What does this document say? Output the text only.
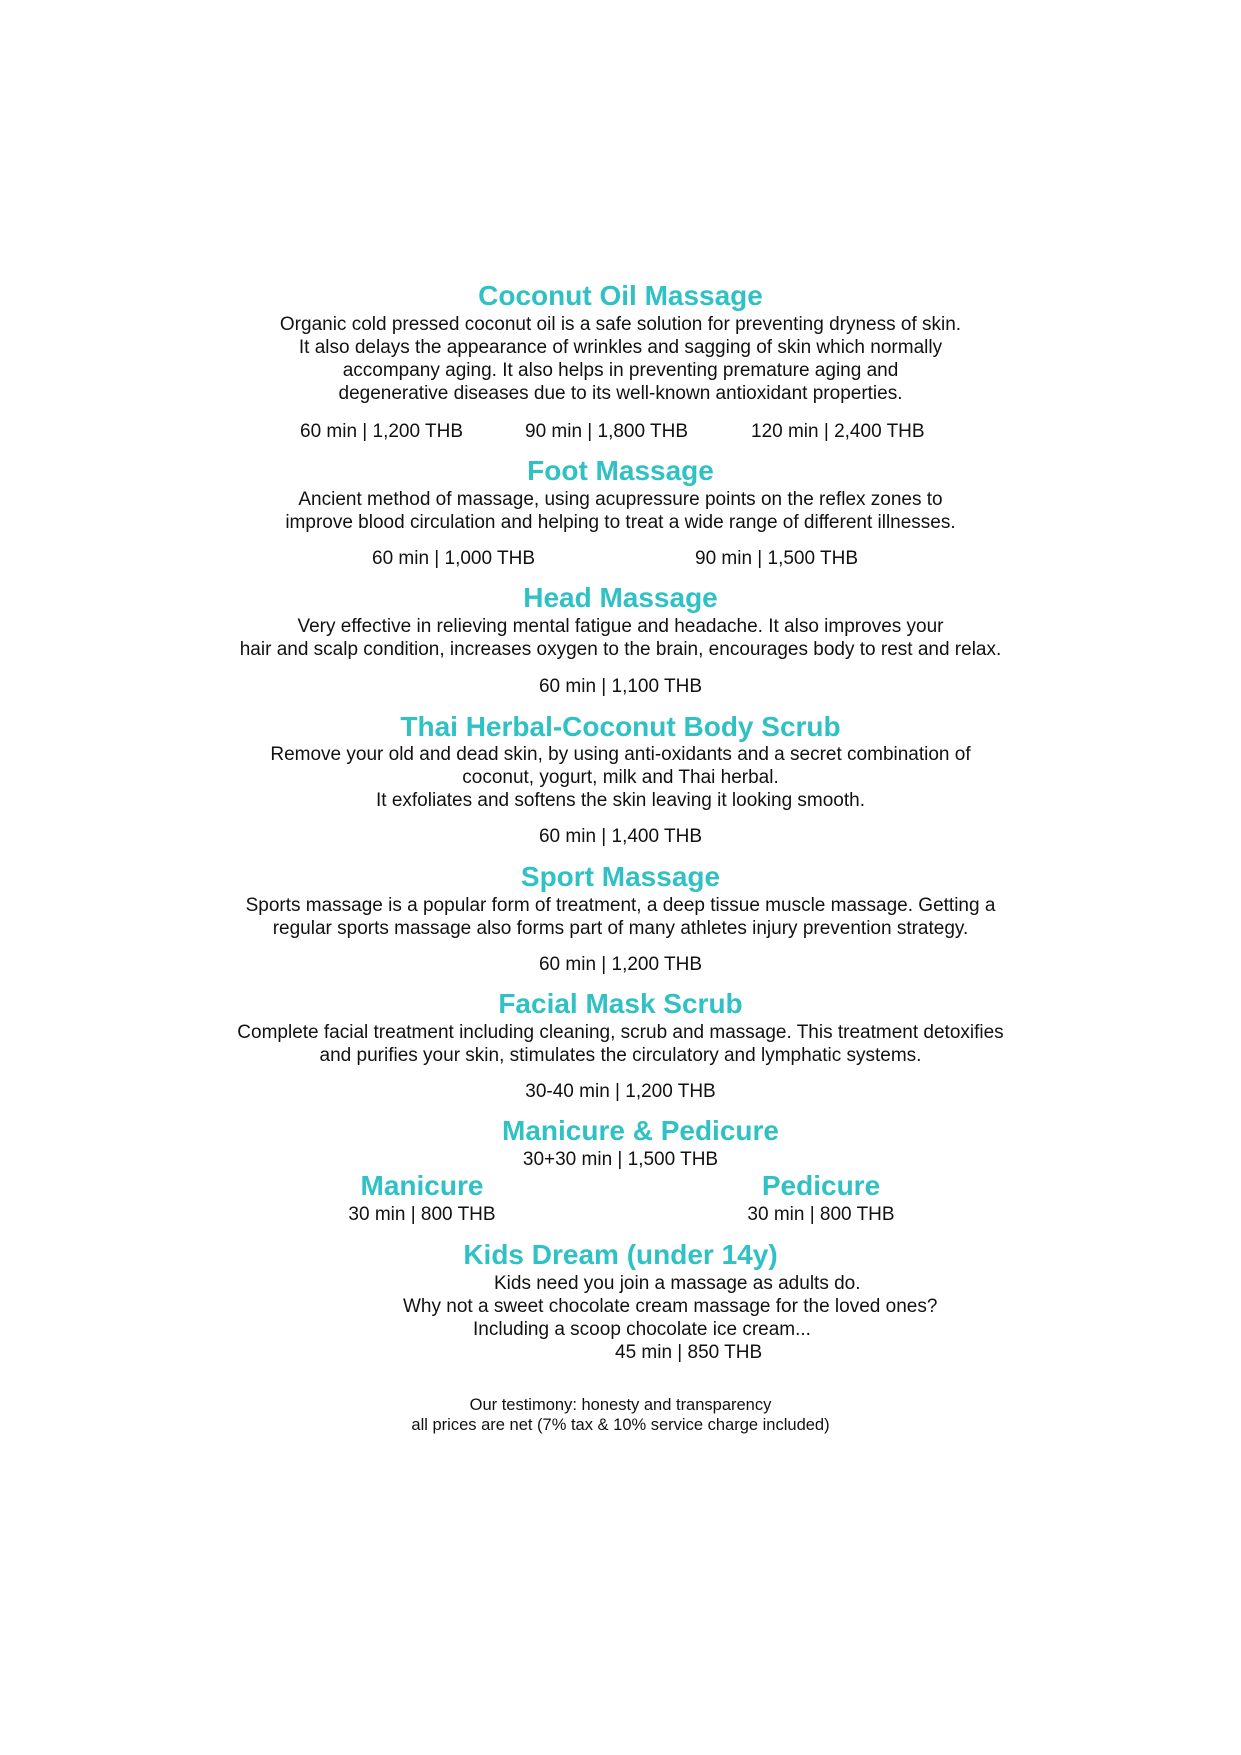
Coconut Oil Massage
Organic cold pressed coconut oil is a safe solution for preventing dryness of skin.
It also delays the appearance of wrinkles and sagging of skin which normally
accompany aging. It also helps in preventing premature aging and
degenerative diseases due to its well-known antioxidant properties.
60 min | 1,200 THB	90 min | 1,800 THB	120 min | 2,400 THB
Foot Massage
Ancient method of massage, using acupressure points on the reflex zones to
improve blood circulation and helping to treat a wide range of different illnesses.
60 min | 1,000 THB	90 min | 1,500 THB
Head Massage
Very effective in relieving mental fatigue and headache. It also improves your
hair and scalp condition, increases oxygen to the brain, encourages body to rest and relax.
60 min | 1,100 THB
Thai Herbal-Coconut Body Scrub
Remove your old and dead skin, by using anti-oxidants and a secret combination of
coconut, yogurt, milk and Thai herbal.
It exfoliates and softens the skin leaving it looking smooth.
60 min | 1,400 THB
Sport Massage
Sports massage is a popular form of treatment, a deep tissue muscle massage. Getting a
regular sports massage also forms part of many athletes injury prevention strategy.
60 min | 1,200 THB
Facial Mask Scrub
Complete facial treatment including cleaning, scrub and massage. This treatment detoxifies
and purifies your skin, stimulates the circulatory and lymphatic systems.
30-40 min | 1,200 THB
Manicure & Pedicure
30+30 min | 1,500 THB
Manicure
30 min | 800 THB
Pedicure
30 min | 800 THB
Kids Dream (under 14y)
Kids need you join a massage as adults do.
Why not a sweet chocolate cream massage for the loved ones?
Including a scoop chocolate ice cream...
45 min | 850 THB
Our testimony: honesty and transparency
all prices are net (7% tax & 10% service charge included)
